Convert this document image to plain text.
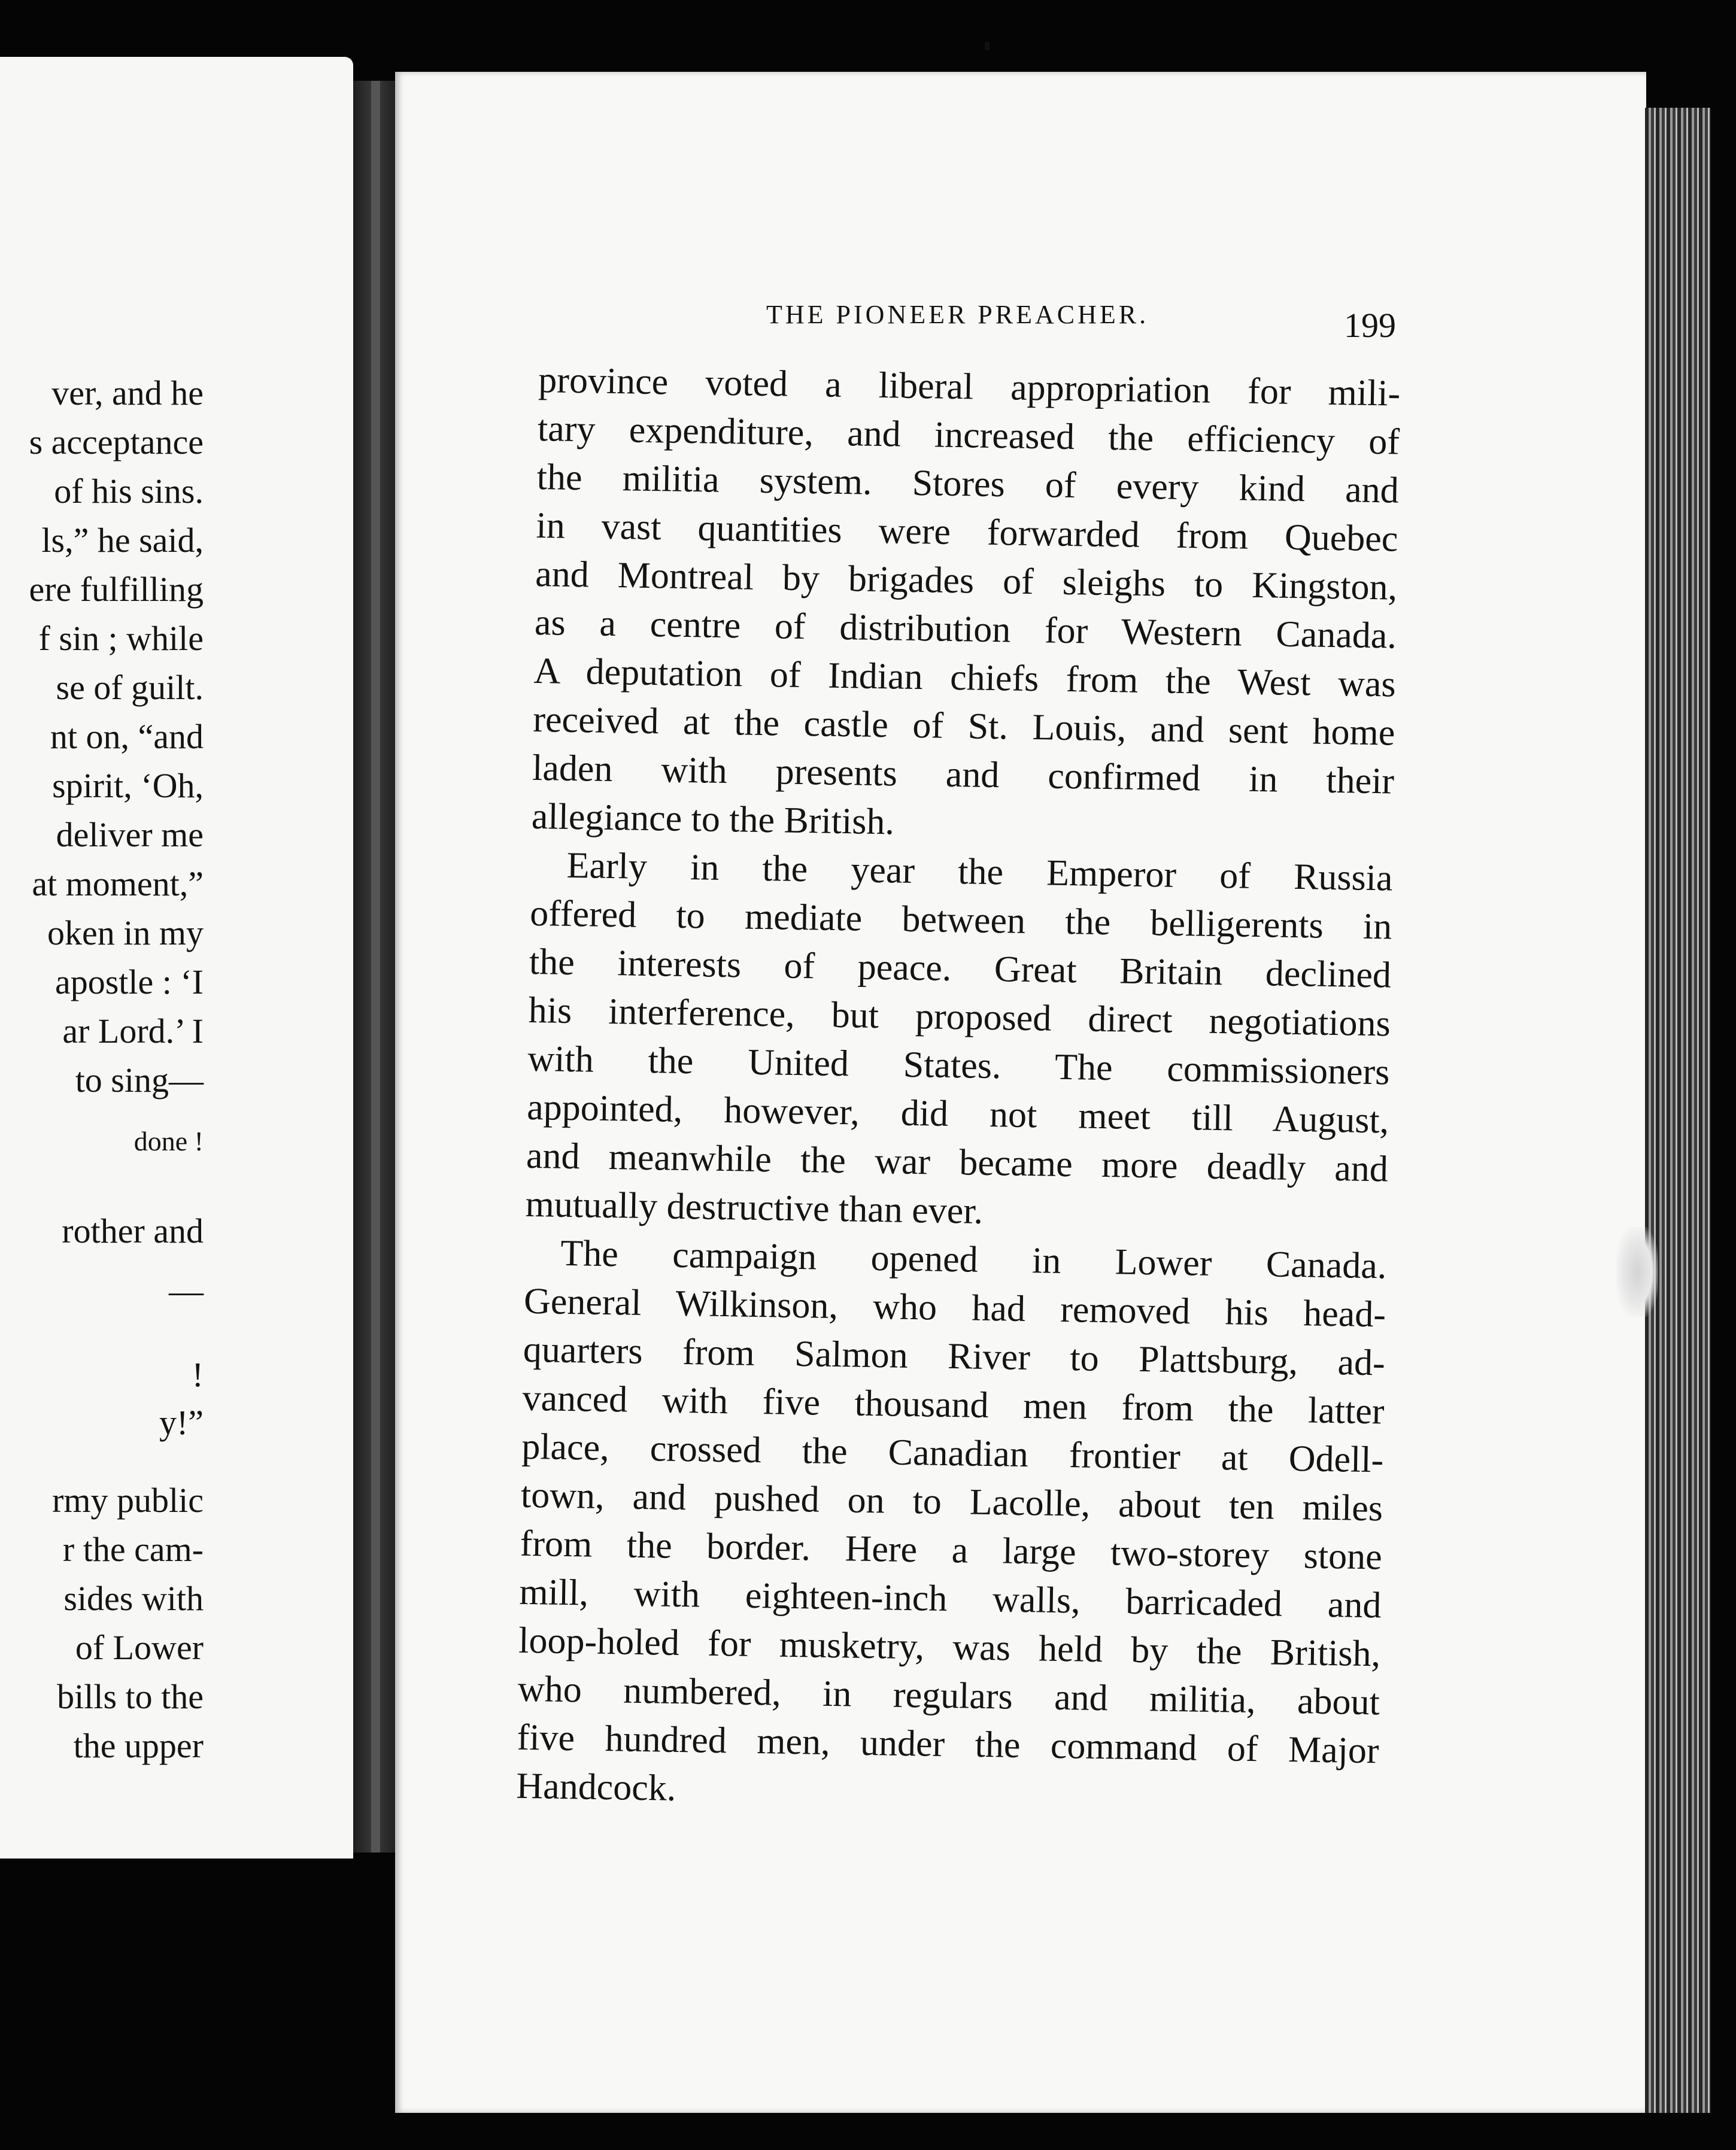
ver, and he
s acceptance
of his sins.
ls,” he said,
ere fulfilling
f sin ; while
se of guilt.
nt on, “and
spirit, ‘Oh,
deliver me
at moment,”
oken in my
apostle : ‘I
ar Lord.’ I
to sing—
done !
rother and
—
!
y!”
rmy public
r the cam-
sides with
of Lower
bills to the
the upper
THE PIONEER PREACHER.	199
province voted a liberal appropriation for mili-
tary expenditure, and increased the efficiency of
the militia system. Stores of every kind and
in vast quantities were forwarded from Quebec
and Montreal by brigades of sleighs to Kingston,
as a centre of distribution for Western Canada.
A deputation of Indian chiefs from the West was
received at the castle of St. Louis, and sent home
laden with presents and confirmed in their
allegiance to the British.
Early in the year the Emperor of Russia
offered to mediate between the belligerents in
the interests of peace. Great Britain declined
his interference, but proposed direct negotiations
with the United States. The commissioners
appointed, however, did not meet till August,
and meanwhile the war became more deadly and
mutually destructive than ever.
The campaign opened in Lower Canada.
General Wilkinson, who had removed his head-
quarters from Salmon River to Plattsburg, ad-
vanced with five thousand men from the latter
place, crossed the Canadian frontier at Odell-
town, and pushed on to Lacolle, about ten miles
from the border. Here a large two-storey stone
mill, with eighteen-inch walls, barricaded and
loop-holed for musketry, was held by the British,
who numbered, in regulars and militia, about
five hundred men, under the command of Major
Handcock.
